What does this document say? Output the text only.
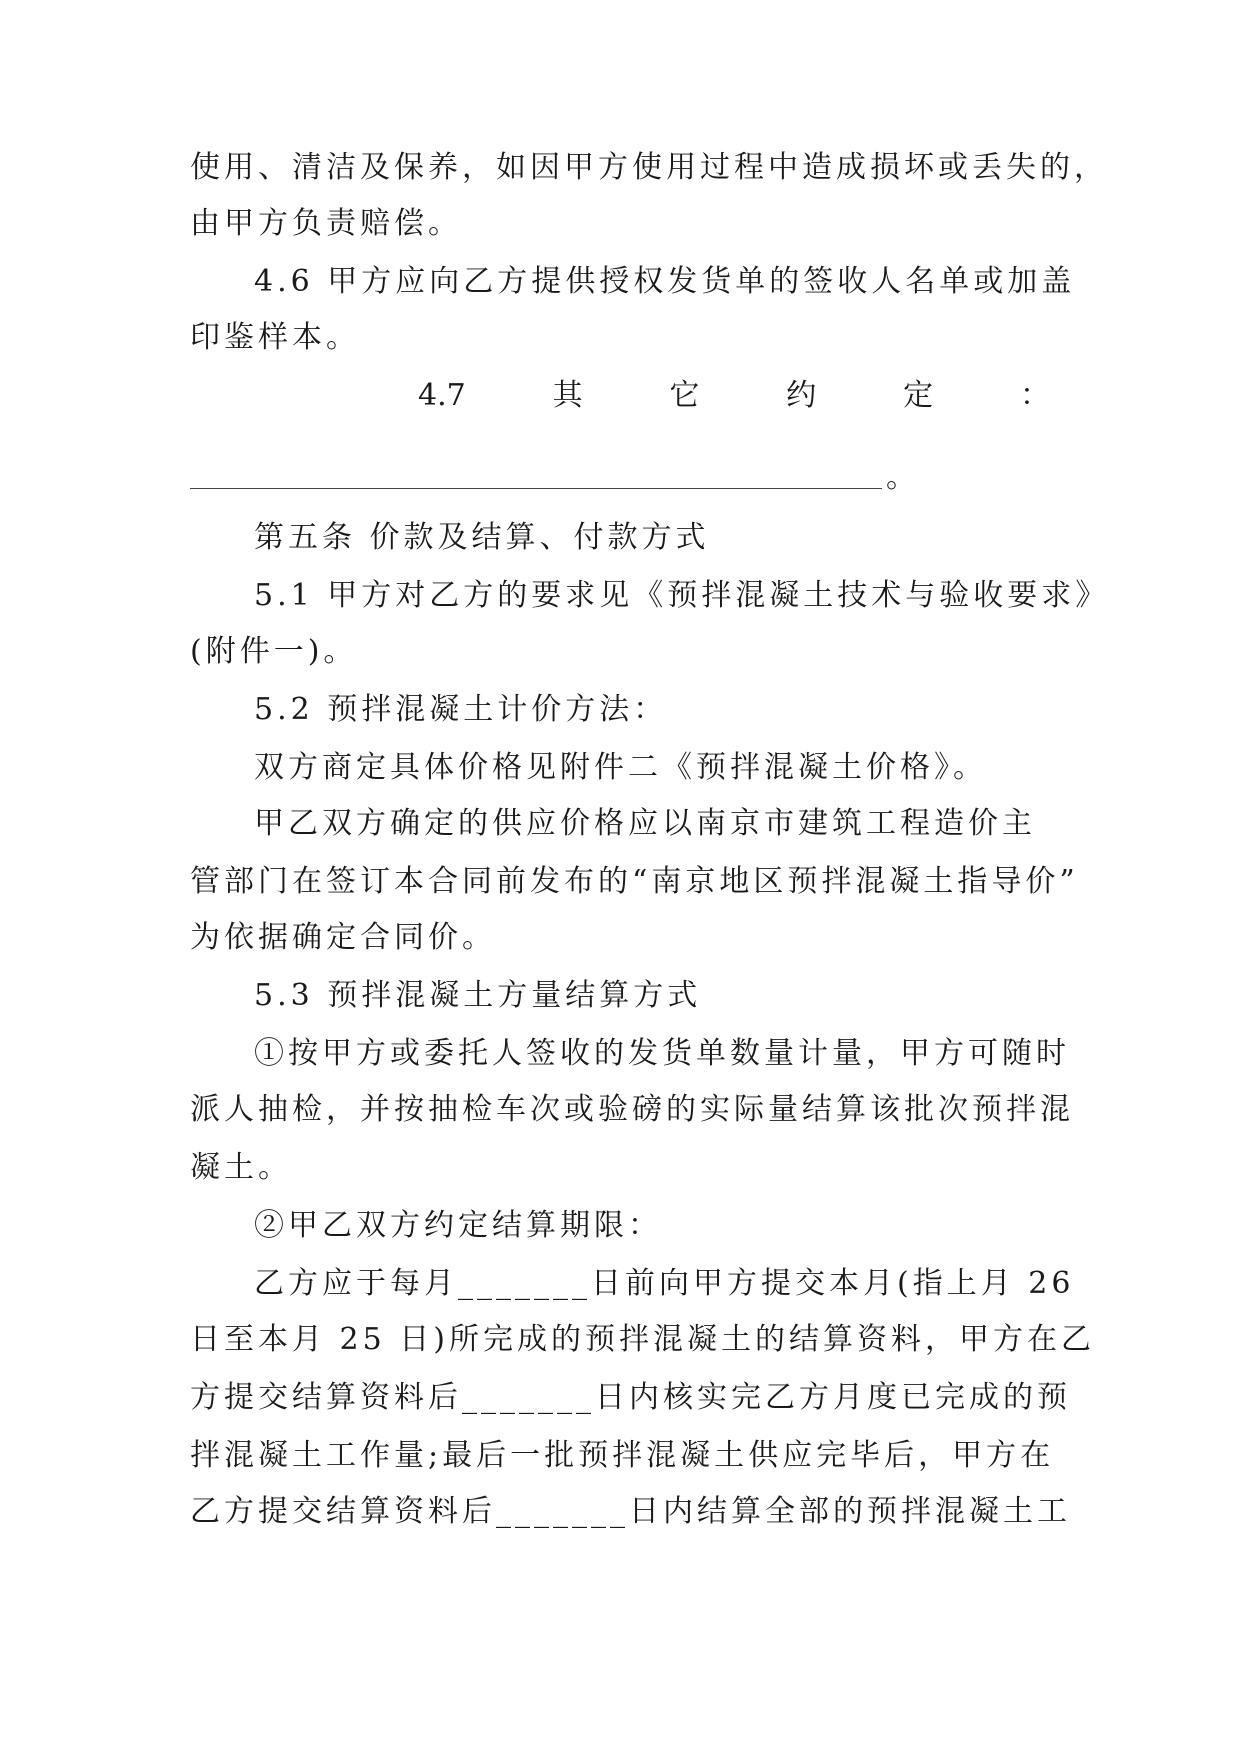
使用、清洁及保养，如因甲方使用过程中造成损坏或丢失的，
由甲方负责赔偿。
4.6 甲方应向乙方提供授权发货单的签收人名单或加盖
印鉴样本。
4.7	其	它	约	定	：
。
第五条 价款及结算、付款方式
5.1 甲方对乙方的要求见《预拌混凝土技术与验收要求》
(附件一)。
5.2 预拌混凝土计价方法：
双方商定具体价格见附件二《预拌混凝土价格》。
甲乙双方确定的供应价格应以南京市建筑工程造价主
管部门在签订本合同前发布的“南京地区预拌混凝土指导价”
为依据确定合同价。
5.3 预拌混凝土方量结算方式
①按甲方或委托人签收的发货单数量计量，甲方可随时
派人抽检，并按抽检车次或验磅的实际量结算该批次预拌混
凝土。
②甲乙双方约定结算期限：
乙方应于每月_______日前向甲方提交本月(指上月 26
日至本月 25 日)所完成的预拌混凝土的结算资料，甲方在乙
方提交结算资料后_______日内核实完乙方月度已完成的预
拌混凝土工作量;最后一批预拌混凝土供应完毕后，甲方在
乙方提交结算资料后_______日内结算全部的预拌混凝土工
